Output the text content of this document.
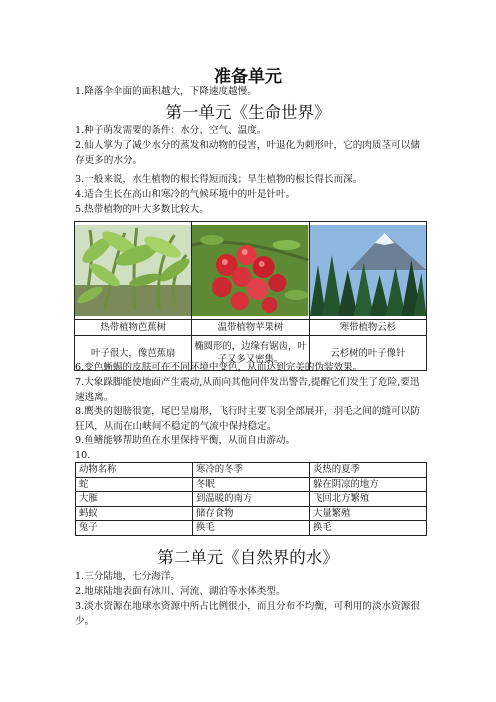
准备单元
1.降落伞伞面的面积越大，下降速度越慢。
第一单元《生命世界》
1.种子萌发需要的条件：水分、空气、温度。
2.仙人掌为了减少水分的蒸发和动物的侵害，叶退化为刺形叶，它的肉质茎可以储存更多的水分。
3.一般来说，水生植物的根长得短而浅；旱生植物的根长得长而深。
4.适合生长在高山和寒冷的气候环境中的叶是针叶。
5.热带植物的叶大多数比较大。

热带植物芭蕉树	温带植物苹果树	寒带植物云杉
叶子很大，像芭蕉扇	椭圆形的，边缘有锯齿，叶子又多又密集。	云杉树的叶子像针
6.变色蜥蜴的皮肤可在不同环境中变色，从而达到完美的伪装效果。
7.大象跺脚能使地面产生震动,从而向其他同伴发出警告,提醒它们发生了危险,要迅速逃离。
8.鹰类的翅膀很宽，尾巴呈扇形，飞行时主要飞羽全部展开，羽毛之间的缝可以防狂风，从而在山峡间不稳定的气流中保持稳定。
9.鱼鳍能够帮助鱼在水里保持平衡，从而自由游动。
10.
动物名称	寒冷的冬季	炎热的夏季
蛇	冬眠	躲在阴凉的地方
大雁	到温暖的南方	飞回北方繁殖
蚂蚁	储存食物	大量繁殖
兔子	换毛	换毛
第二单元《自然界的水》
1.三分陆地，七分海洋。
2.地球陆地表面有冰川、河流、湖泊等水体类型。
3.淡水资源在地球水资源中所占比例很小，而且分布不均衡，可利用的淡水资源很少。
